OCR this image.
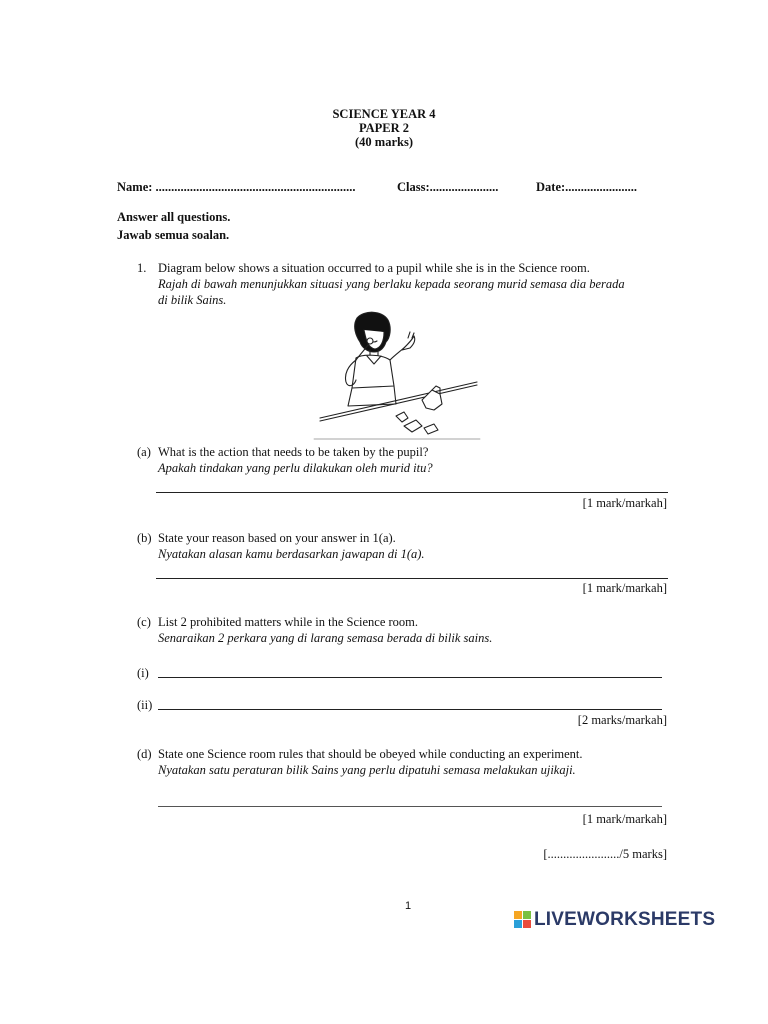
SCIENCE YEAR 4
PAPER 2
(40 marks)
Name: ................................................................	Class:......................	Date:.......................
Answer all questions.
Jawab semua soalan.
1. Diagram below shows a situation occurred to a pupil while she is in the Science room.
Rajah di bawah menunjukkan situasi yang berlaku kepada seorang murid semasa dia berada
di bilik Sains.
(a) What is the action that needs to be taken by the pupil?
Apakah tindakan yang perlu dilakukan oleh murid itu?
[1 mark/markah]
(b) State your reason based on your answer in 1(a).
Nyatakan alasan kamu berdasarkan jawapan di 1(a).
[1 mark/markah]
(c) List 2 prohibited matters while in the Science room.
Senaraikan 2 perkara yang di larang semasa berada di bilik sains.
(i)
(ii)
[2 marks/markah]
(d) State one Science room rules that should be obeyed while conducting an experiment.
Nyatakan satu peraturan bilik Sains yang perlu dipatuhi semasa melakukan ujikaji.
[1 mark/markah]
[......................./5 marks]
1
LIVEWORKSHEETS
